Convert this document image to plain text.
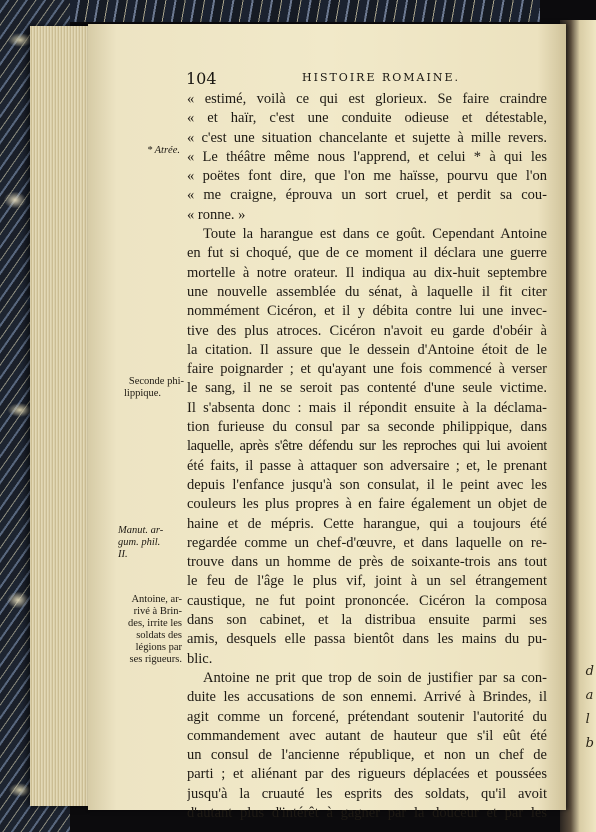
d
a
l
b
104	HISTOIRE ROMAINE.
* Atrée.
Seconde phi-
lippique.
Manut. ar-
gum. phil.
II.
Antoine, ar-
rivé à Brin-
des, irrite les
soldats des
légions par
ses rigueurs.
« estimé, voilà ce qui est glorieux. Se faire craindre
« et haïr, c'est une conduite odieuse et détestable,
« c'est une situation chancelante et sujette à mille revers.
« Le théâtre même nous l'apprend, et celui * à qui les
« poëtes font dire, que l'on me haïsse, pourvu que l'on
« me craigne, éprouva un sort cruel, et perdit sa cou-
« ronne. »
Toute la harangue est dans ce goût. Cependant Antoine
en fut si choqué, que de ce moment il déclara une guerre
mortelle à notre orateur. Il indiqua au dix-huit septembre
une nouvelle assemblée du sénat, à laquelle il fit citer
nommément Cicéron, et il y débita contre lui une invec-
tive des plus atroces. Cicéron n'avoit eu garde d'obéir à
la citation. Il assure que le dessein d'Antoine étoit de le
faire poignarder ; et qu'ayant une fois commencé à verser
le sang, il ne se seroit pas contenté d'une seule victime.
Il s'absenta donc : mais il répondit ensuite à la déclama-
tion furieuse du consul par sa seconde philippique, dans
laquelle, après s'être défendu sur les reproches qui lui avoient
été faits, il passe à attaquer son adversaire ; et, le prenant
depuis l'enfance jusqu'à son consulat, il le peint avec les
couleurs les plus propres à en faire également un objet de
haine et de mépris. Cette harangue, qui a toujours été
regardée comme un chef-d'œuvre, et dans laquelle on re-
trouve dans un homme de près de soixante-trois ans tout
le feu de l'âge le plus vif, joint à un sel étrangement
caustique, ne fut point prononcée. Cicéron la composa
dans son cabinet, et la distribua ensuite parmi ses
amis, desquels elle passa bientôt dans les mains du pu-
blic.
Antoine ne prit que trop de soin de justifier par sa con-
duite les accusations de son ennemi. Arrivé à Brindes, il
agit comme un forcené, prétendant soutenir l'autorité du
commandement avec autant de hauteur que s'il eût été
un consul de l'ancienne république, et non un chef de
parti ; et aliénant par des rigueurs déplacées et poussées
jusqu'à la cruauté les esprits des soldats, qu'il avoit
d'autant plus d'intérêt à gagner par la douceur et par les
